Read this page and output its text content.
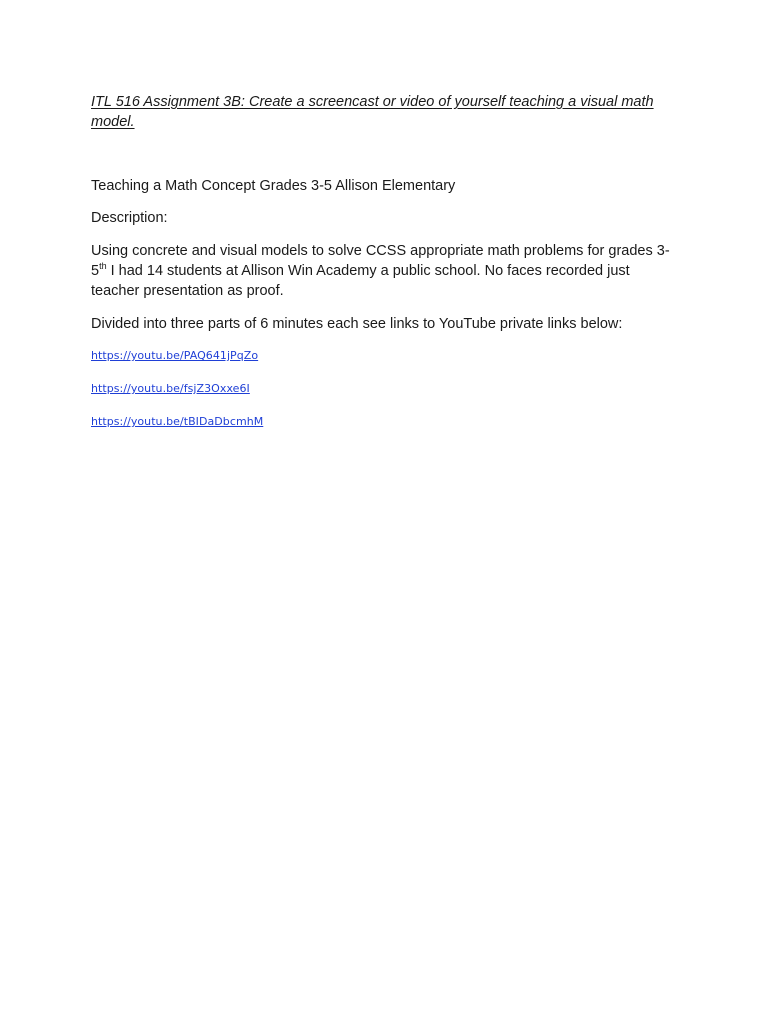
ITL 516 Assignment 3B: Create a screencast or video of yourself teaching a visual math model.

Teaching a Math Concept Grades 3-5 Allison Elementary

Description:

Using concrete and visual models to solve CCSS appropriate math problems for grades 3-5th I had 14 students at Allison Win Academy a public school. No faces recorded just teacher presentation as proof.

Divided into three parts of 6 minutes each see links to YouTube private links below:

https://youtu.be/PAQ641jPqZo
https://youtu.be/fsjZ3Oxxe6I
https://youtu.be/tBIDaDbcmhM
